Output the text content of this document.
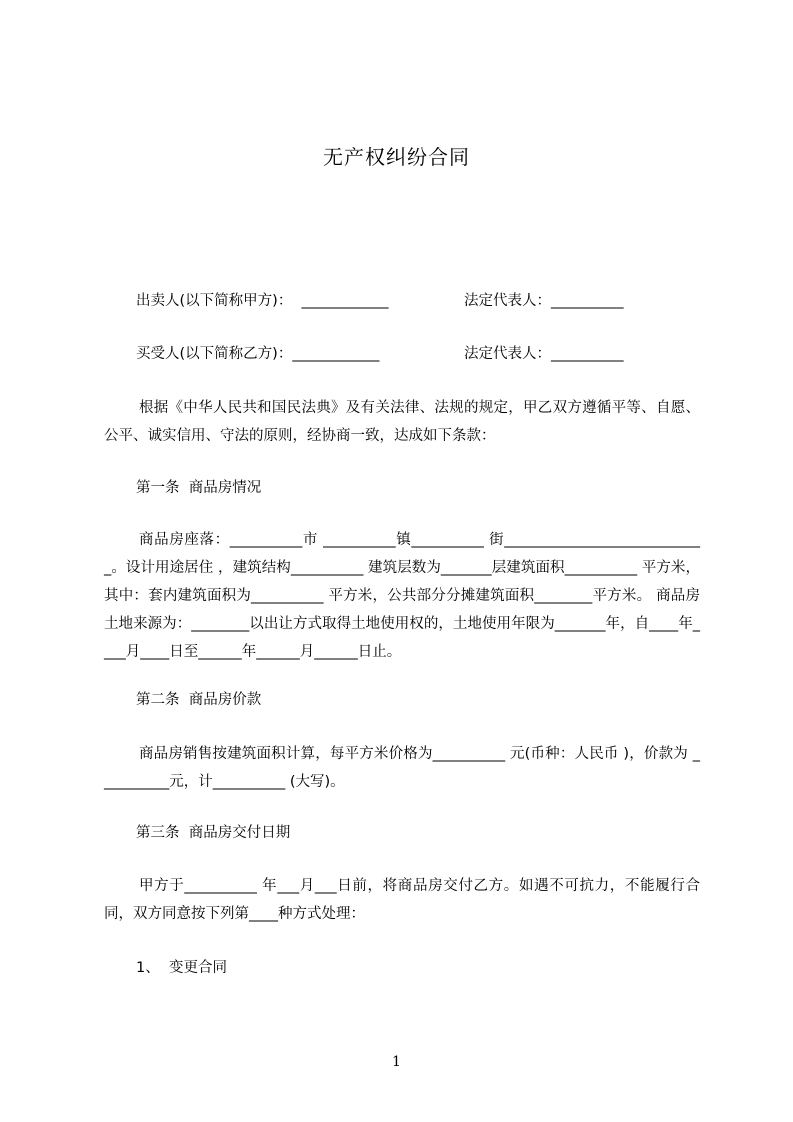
无产权纠纷合同
出卖人(以下简称甲方)：  ____________	法定代表人：__________
买受人(以下简称乙方)：____________	法定代表人：__________
根据《中华人民共和国民法典》及有关法律、法规的规定，甲乙双方遵循平等、自愿、公平、诚实信用、守法的原则，经协商一致，达成如下条款：
第一条  商品房情况
商品房座落：__________市 __________镇__________ 街____________________________。设计用途居住 ，建筑结构__________ 建筑层数为_______层建筑面积__________ 平方米，其中：套内建筑面积为__________ 平方米，公共部分分摊建筑面积________平方米。 商品房土地来源为：________以出让方式取得土地使用权的，土地使用年限为_______年，自____年____月____日至______年______月______日止。
第二条  商品房价款
商品房销售按建筑面积计算，每平方米价格为__________ 元(币种：人民币 )，价款为 __________元，计__________ (大写)。
第三条  商品房交付日期
甲方于__________ 年___月___日前，将商品房交付乙方。如遇不可抗力，不能履行合同，双方同意按下列第____种方式处理：
1、  变更合同
1
